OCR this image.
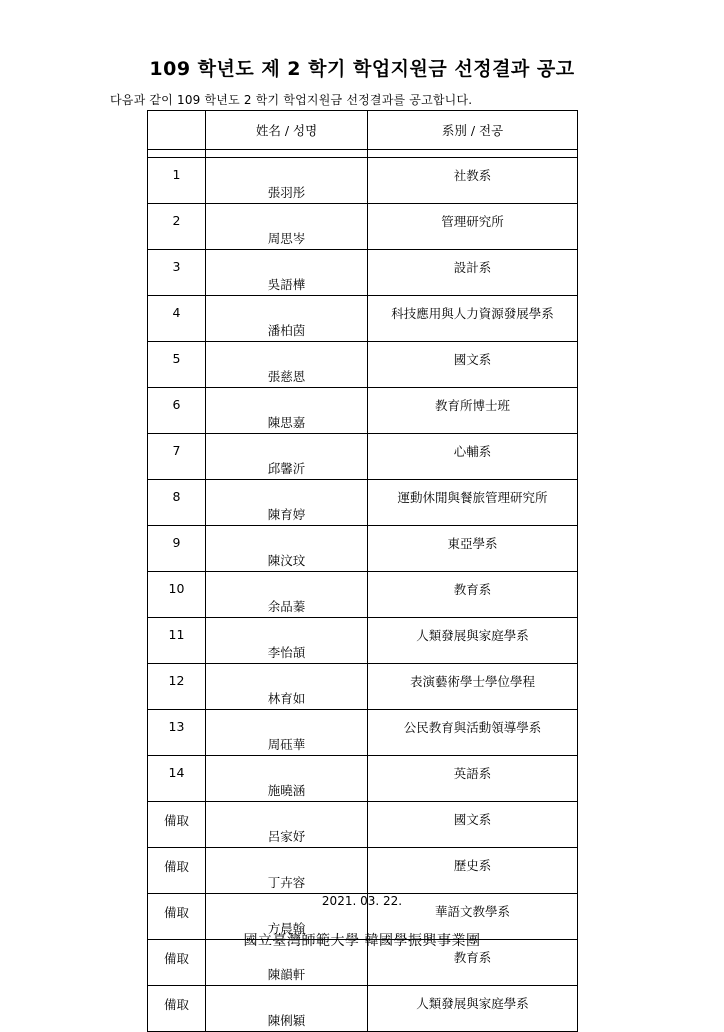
109 학년도 제 2 학기 학업지원금 선정결과 공고
다음과 같이 109 학년도 2 학기 학업지원금 선정결과를 공고합니다.
	姓名 / 성명	系別 / 전공

1	張羽彤	社教系
2	周思岑	管理研究所
3	吳語樺	設計系
4	潘柏茵	科技應用與人力資源發展學系
5	張慈恩	國文系
6	陳思嘉	教育所博士班
7	邱馨沂	心輔系
8	陳育婷	運動休閒與餐旅管理研究所
9	陳汶玟	東亞學系
10	余品蓁	教育系
11	李怡頡	人類發展與家庭學系
12	林育如	表演藝術學士學位學程
13	周砡華	公民教育與活動領導學系
14	施曉涵	英語系
備取	呂家妤	國文系
備取	丁卉容	歷史系
備取	方晨翰	華語文教學系
備取	陳韻軒	教育系
備取	陳俐穎	人類發展與家庭學系
2021. 03. 22.
國立臺灣師範大學 韓國學振興事業團
